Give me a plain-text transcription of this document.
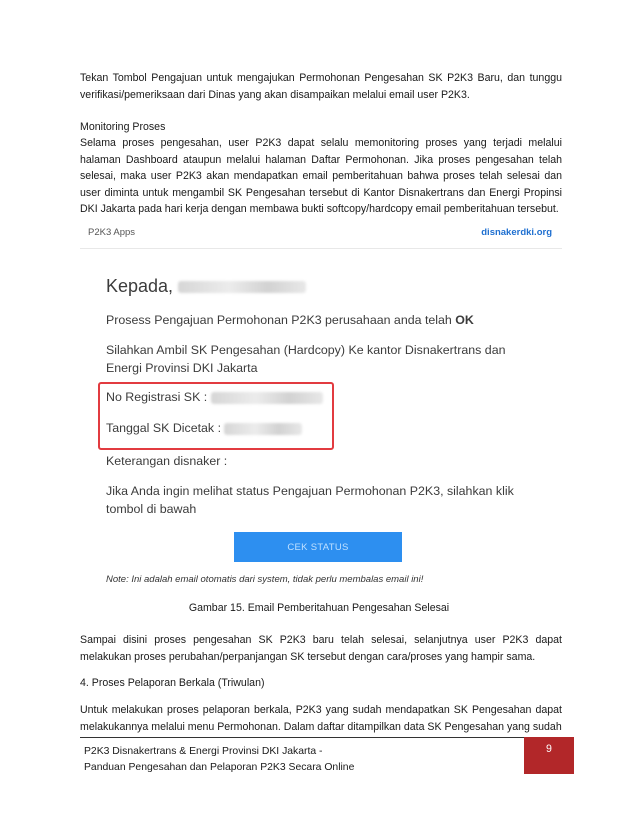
Tekan Tombol Pengajuan untuk mengajukan Permohonan Pengesahan SK P2K3 Baru, dan tunggu verifikasi/pemeriksaan dari Dinas yang akan disampaikan melalui email user P2K3.

Monitoring Proses

Selama proses pengesahan, user P2K3 dapat selalu memonitoring proses yang terjadi melalui halaman Dashboard ataupun melalui halaman Daftar Permohonan. Jika proses pengesahan telah selesai, maka user P2K3 akan mendapatkan email pemberitahuan bahwa proses telah selesai dan user diminta untuk mengambil SK Pengesahan tersebut di Kantor Disnakertrans dan Energi Propinsi DKI Jakarta pada hari kerja dengan membawa bukti softcopy/hardcopy email pemberitahuan tersebut.

P2K3 Apps	disnakerdki.org
Kepada,
Prosess Pengajuan Permohonan P2K3 perusahaan anda telah OK
Silahkan Ambil SK Pengesahan (Hardcopy) Ke kantor Disnakertrans dan
Energi Provinsi DKI Jakarta
No Registrasi SK :
Tanggal SK Dicetak :
Keterangan disnaker :
Jika Anda ingin melihat status Pengajuan Permohonan P2K3, silahkan klik
tombol di bawah
CEK STATUS
Note: Ini adalah email otomatis dari system, tidak perlu membalas email ini!

Gambar 15. Email Pemberitahuan Pengesahan Selesai

Sampai disini proses pengesahan SK P2K3 baru telah selesai, selanjutnya user P2K3 dapat melakukan proses perubahan/perpanjangan SK tersebut dengan cara/proses yang hampir sama.

4. Proses Pelaporan Berkala (Triwulan)

Untuk melakukan proses pelaporan berkala, P2K3 yang sudah mendapatkan SK Pengesahan dapat melakukannya melalui menu Permohonan. Dalam daftar ditampilkan data SK Pengesahan yang sudah

P2K3 Disnakertrans & Energi Provinsi DKI Jakarta -
Panduan Pengesahan dan Pelaporan P2K3 Secara Online
9
